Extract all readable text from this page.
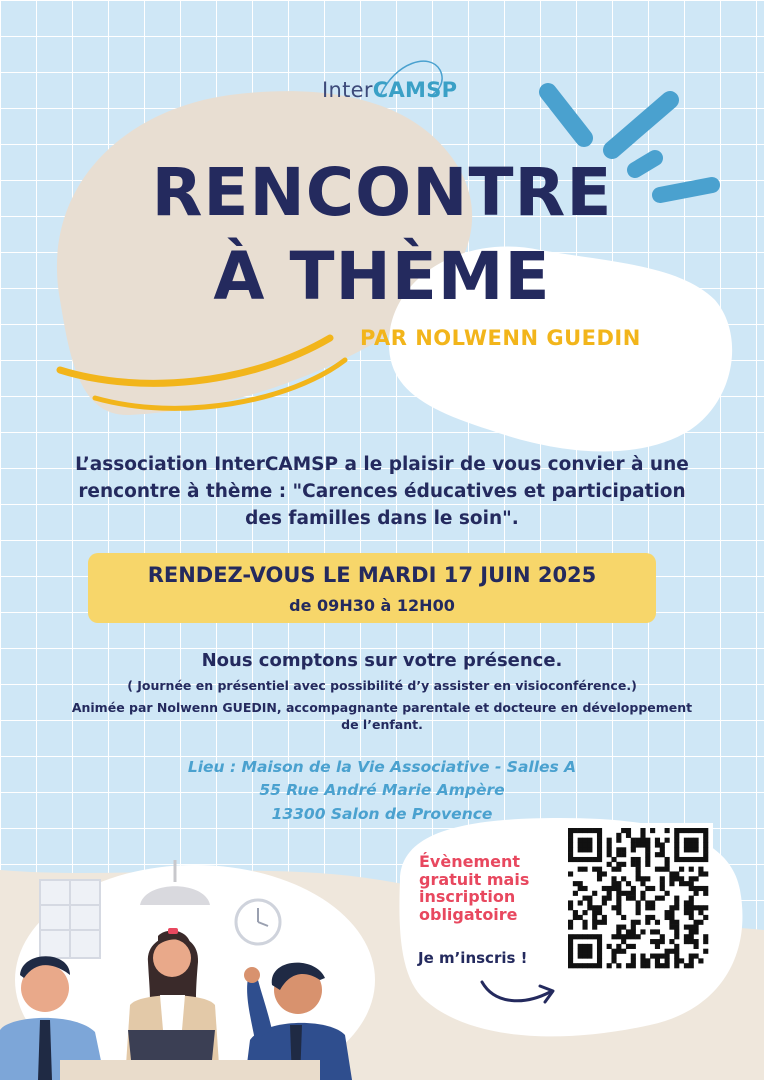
InterCAMSP
RENCONTRE
À THÈME
PAR NOLWENN GUEDIN
L’association InterCAMSP a le plaisir de vous convier à une rencontre à thème : "Carences éducatives et participation des familles dans le soin".
RENDEZ-VOUS LE MARDI 17 JUIN 2025
de 09H30 à 12H00
Nous comptons sur votre présence.
( Journée en présentiel avec possibilité d’y assister en visioconférence.)
Animée par Nolwenn GUEDIN, accompagnante parentale et docteure en développement de l’enfant.
Lieu : Maison de la Vie Associative - Salles A
55 Rue André Marie Ampère
13300 Salon de Provence
Évènement
gratuit mais
inscription
obligatoire
Je m’inscris !
